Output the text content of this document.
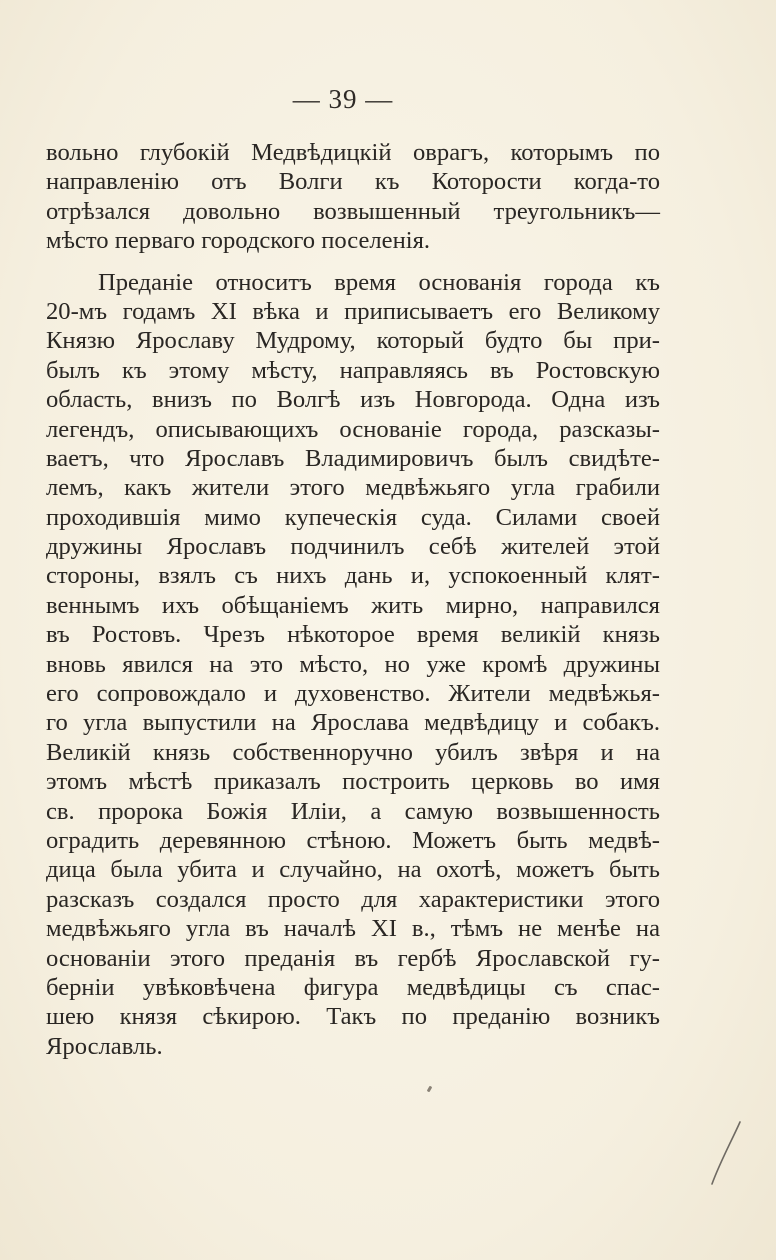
— 39 —
вольно глубокій Медвѣдицкій оврагъ, которымъ по
направленію отъ Волги къ Которости когда-то
отрѣзался довольно возвышенный треугольникъ—
мѣсто перваго городского поселенія.
Преданіе относитъ время основанія города къ
20-мъ годамъ XI вѣка и приписываетъ его Великому
Князю Ярославу Мудрому, который будто бы при-
былъ къ этому мѣсту, направляясь въ Ростовскую
область, внизъ по Волгѣ изъ Новгорода. Одна изъ
легендъ, описывающихъ основаніе города, разсказы-
ваетъ, что Ярославъ Владимировичъ былъ свидѣте-
лемъ, какъ жители этого медвѣжьяго угла грабили
проходившія мимо купеческія суда. Силами своей
дружины Ярославъ подчинилъ себѣ жителей этой
стороны, взялъ съ нихъ дань и, успокоенный клят-
веннымъ ихъ обѣщаніемъ жить мирно, направился
въ Ростовъ. Чрезъ нѣкоторое время великій князь
вновь явился на это мѣсто, но уже кромѣ дружины
его сопровождало и духовенство. Жители медвѣжья-
го угла выпустили на Ярослава медвѣдицу и собакъ.
Великій князь собственноручно убилъ звѣря и на
этомъ мѣстѣ приказалъ построить церковь во имя
св. пророка Божія Иліи, а самую возвышенность
оградить деревянною стѣною. Можетъ быть медвѣ-
дица была убита и случайно, на охотѣ, можетъ быть
разсказъ создался просто для характеристики этого
медвѣжьяго угла въ началѣ XI в., тѣмъ не менѣе на
основаніи этого преданія въ гербѣ Ярославской гу-
берніи увѣковѣчена фигура медвѣдицы съ спас-
шею князя сѣкирою. Такъ по преданію возникъ
Ярославль.
